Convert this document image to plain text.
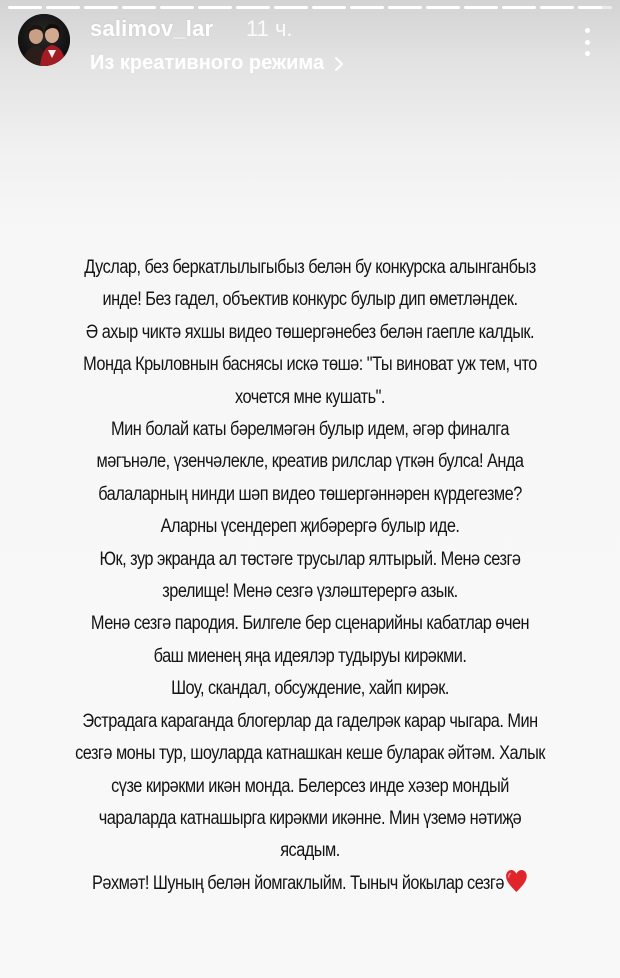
salimov_lar 11 ч.
Из креативного режима
Дуслар, без беркатлылыгыбыз белән бу конкурска алынганбыз
инде! Без гадел, объектив конкурс булыр дип өметләндек.
Ә ахыр чиктә яхшы видео төшергәнебез белән гаепле калдык.
Монда Крыловнын баснясы искә төшә: "Ты виноват уж тем, что
хочется мне кушать".
Мин болай каты бәрелмәгән булыр идем, әгәр финалга
мәгънәле, үзенчәлекле, креатив рилслар үткән булса! Анда
балаларның нинди шәп видео төшергәннәрен күрдегезме?
Аларны үсендереп җибәрергә булыр иде.
Юк, зур экранда ал төстәге трусылар ялтырый. Менә сезгә
зрелище! Менә сезгә үзләштерергә азык.
Менә сезгә пародия. Билгеле бер сценарийны кабатлар өчен
баш миенең яңа идеялэр тудыруы кирәкми.
Шоу, скандал, обсуждение, хайп кирәк.
Эстрадага караганда блогерлар да гаделрәк карар чыгара. Мин
сезгә моны тур, шоуларда катнашкан кеше буларак әйтәм. Халык
сүзе кирәкми икән монда. Белерсез инде хәзер мондый
чараларда катнашырга кирәкми икәнне. Мин үземә нәтиҗә
ясадым.
Рәхмәт! Шуның белән йомгаклыйм. Тыныч йокылар сезгә
